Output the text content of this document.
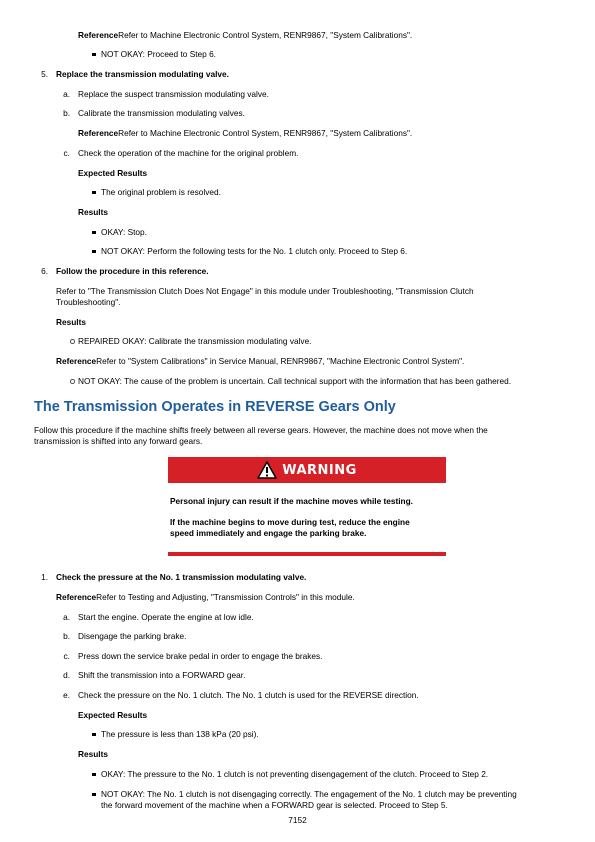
ReferenceRefer to Machine Electronic Control System, RENR9867, "System Calibrations".
NOT OKAY: Proceed to Step 6.
5. Replace the transmission modulating valve.
a. Replace the suspect transmission modulating valve.
b. Calibrate the transmission modulating valves.
ReferenceRefer to Machine Electronic Control System, RENR9867, "System Calibrations".
c. Check the operation of the machine for the original problem.
Expected Results
The original problem is resolved.
Results
OKAY: Stop.
NOT OKAY: Perform the following tests for the No. 1 clutch only. Proceed to Step 6.
6. Follow the procedure in this reference.
Refer to "The Transmission Clutch Does Not Engage" in this module under Troubleshooting, "Transmission Clutch
Troubleshooting".
Results
REPAIRED OKAY: Calibrate the transmission modulating valve.
ReferenceRefer to "System Calibrations" in Service Manual, RENR9867, "Machine Electronic Control System".
NOT OKAY: The cause of the problem is uncertain. Call technical support with the information that has been gathered.
The Transmission Operates in REVERSE Gears Only
Follow this procedure if the machine shifts freely between all reverse gears. However, the machine does not move when the
transmission is shifted into any forward gears.
WARNING
Personal injury can result if the machine moves while testing.
If the machine begins to move during test, reduce the engine
speed immediately and engage the parking brake.
1. Check the pressure at the No. 1 transmission modulating valve.
ReferenceRefer to Testing and Adjusting, "Transmission Controls" in this module.
a. Start the engine. Operate the engine at low idle.
b. Disengage the parking brake.
c. Press down the service brake pedal in order to engage the brakes.
d. Shift the transmission into a FORWARD gear.
e. Check the pressure on the No. 1 clutch. The No. 1 clutch is used for the REVERSE direction.
Expected Results
The pressure is less than 138 kPa (20 psi).
Results
OKAY: The pressure to the No. 1 clutch is not preventing disengagement of the clutch. Proceed to Step 2.
NOT OKAY: The No. 1 clutch is not disengaging correctly. The engagement of the No. 1 clutch may be preventing
the forward movement of the machine when a FORWARD gear is selected. Proceed to Step 5.
7152
